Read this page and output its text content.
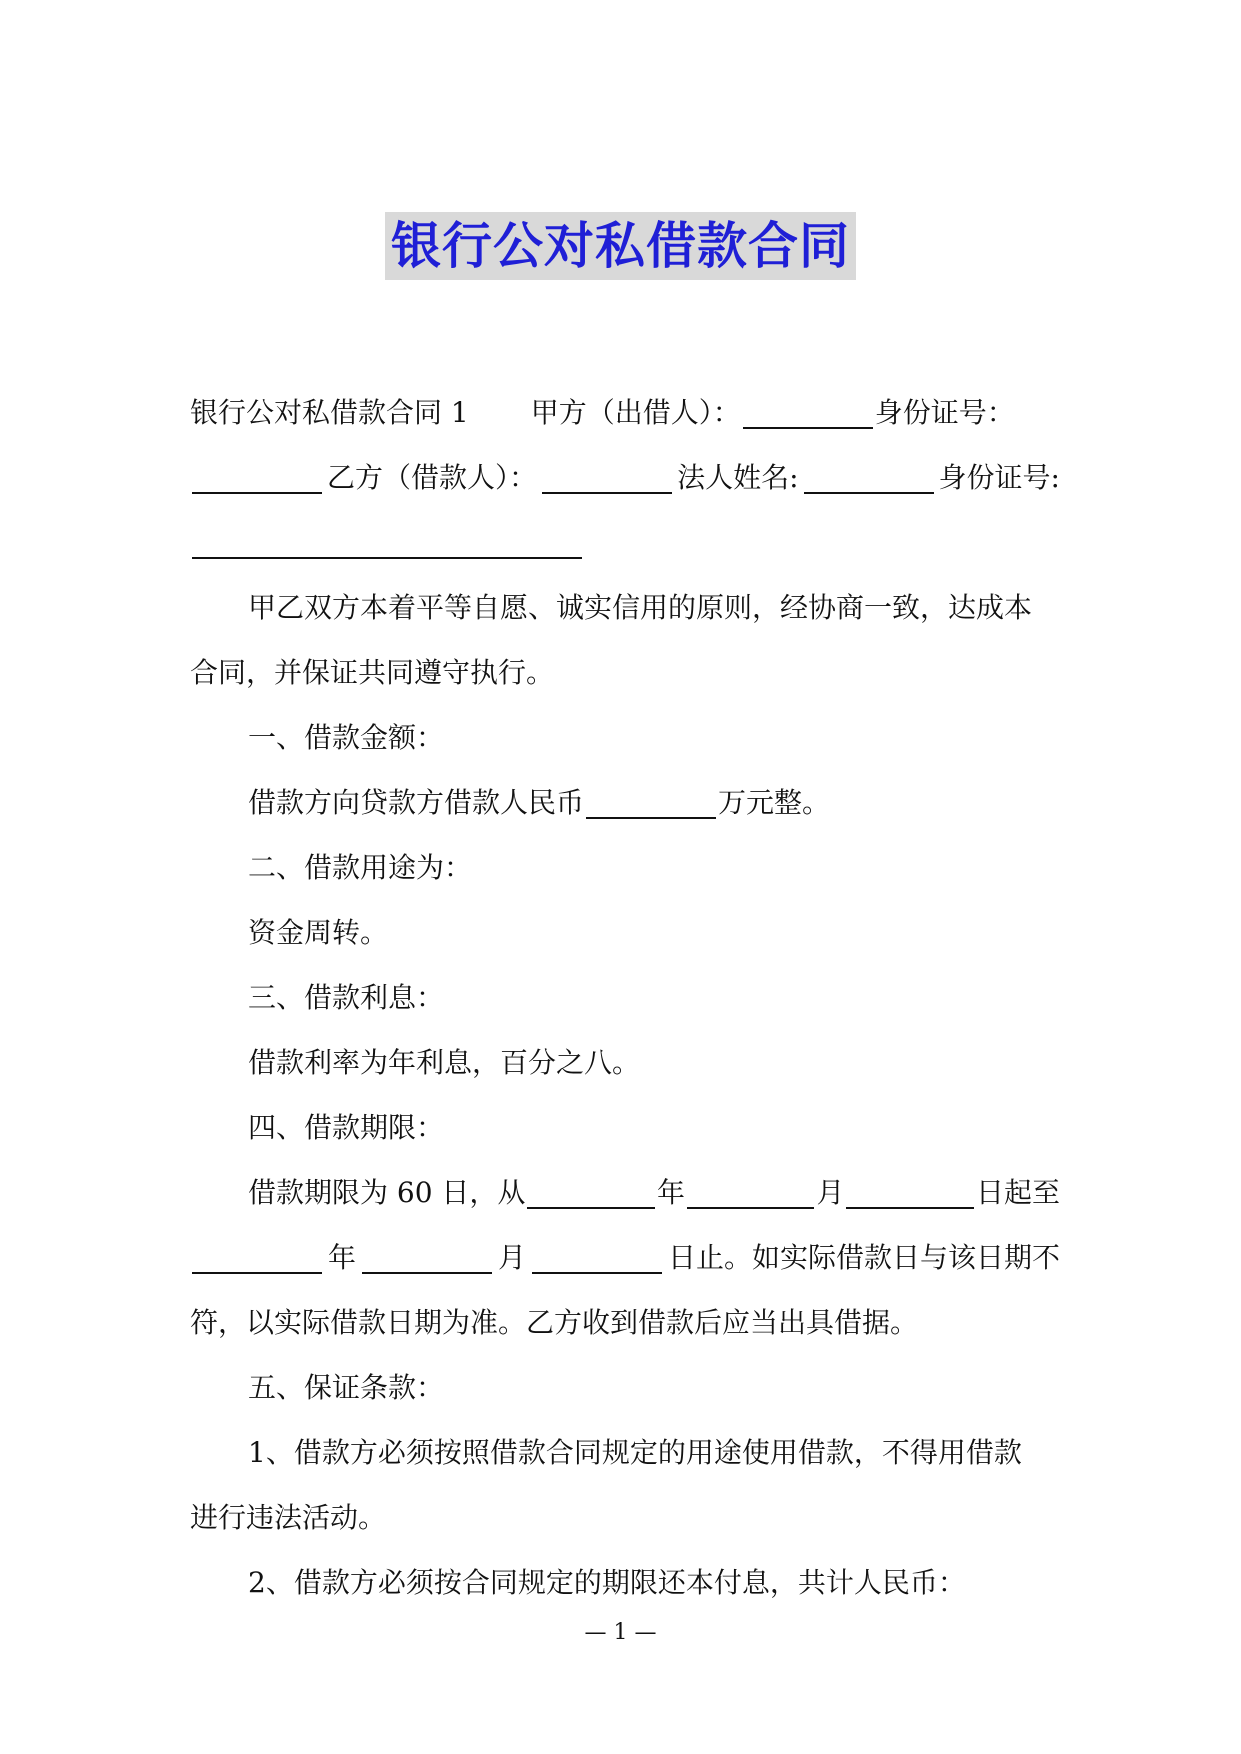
银行公对私借款合同
银行公对私借款合同 1 甲方（出借人）：	身份证号：
乙方（借款人）：	法人姓名:	身份证号:
甲乙双方本着平等自愿、诚实信用的原则，经协商一致，达成本
合同，并保证共同遵守执行。
一、借款金额：
借款方向贷款方借款人民币	万元整。
二、借款用途为：
资金周转。
三、借款利息：
借款利率为年利息，百分之八。
四、借款期限：
借款期限为 60 日，从	年	月	日起至
年	月	日止。如实际借款日与该日期不
符，以实际借款日期为准。乙方收到借款后应当出具借据。
五、保证条款：
1、借款方必须按照借款合同规定的用途使用借款，不得用借款
进行违法活动。
2、借款方必须按合同规定的期限还本付息，共计人民币：
— 1 —
